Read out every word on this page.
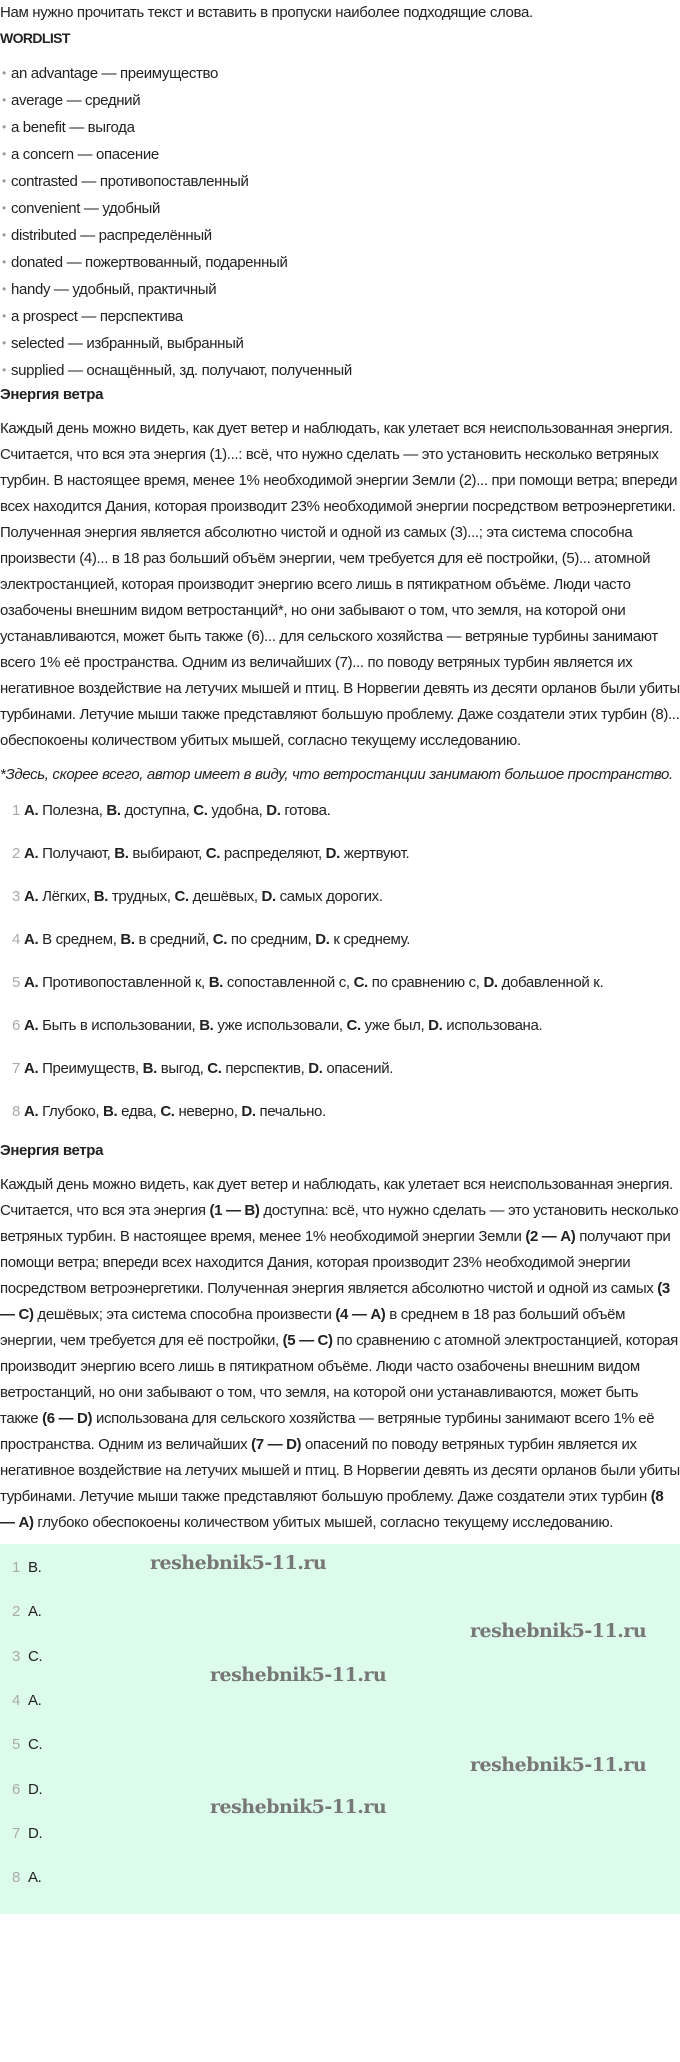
Нам нужно прочитать текст и вставить в пропуски наиболее подходящие слова.

WORDLIST
• an advantage — преимущество
• average — средний
• a benefit — выгода
• a concern — опасение
• contrasted — противопоставленный
• convenient — удобный
• distributed — распределённый
• donated — пожертвованный, подаренный
• handy — удобный, практичный
• a prospect — перспектива
• selected — избранный, выбранный
• supplied — оснащённый, зд. получают, полученный
Энергия ветра

Каждый день можно видеть, как дует ветер и наблюдать, как улетает вся неиспользованная энергия. Считается, что вся эта энергия (1)...: всё, что нужно сделать — это установить несколько ветряных турбин. В настоящее время, менее 1% необходимой энергии Земли (2)... при помощи ветра; впереди всех находится Дания, которая производит 23% необходимой энергии посредством ветроэнергетики. Полученная энергия является абсолютно чистой и одной из самых (3)...; эта система способна произвести (4)... в 18 раз больший объём энергии, чем требуется для её постройки, (5)... атомной электростанцией, которая производит энергию всего лишь в пятикратном объёме. Люди часто озабочены внешним видом ветростанций*, но они забывают о том, что земля, на которой они устанавливаются, может быть также (6)... для сельского хозяйства — ветряные турбины занимают всего 1% её пространства. Одним из величайших (7)... по поводу ветряных турбин является их негативное воздействие на летучих мышей и птиц. В Норвегии девять из десяти орланов были убиты турбинами. Летучие мыши также представляют большую проблему. Даже создатели этих турбин (8)... обеспокоены количеством убитых мышей, согласно текущему исследованию.

*Здесь, скорее всего, автор имеет в виду, что ветростанции занимают большое пространство.
1 A. Полезна, B. доступна, C. удобна, D. готова.
2 A. Получают, B. выбирают, C. распределяют, D. жертвуют.
3 A. Лёгких, B. трудных, C. дешёвых, D. самых дорогих.
4 A. В среднем, B. в средний, C. по средним, D. к среднему.
5 A. Противопоставленной к, B. сопоставленной с, C. по сравнению с, D. добавленной к.
6 A. Быть в использовании, B. уже использовали, C. уже был, D. использована.
7 A. Преимуществ, B. выгод, C. перспектив, D. опасений.
8 A. Глубоко, B. едва, C. неверно, D. печально.
Энергия ветра

Каждый день можно видеть, как дует ветер и наблюдать, как улетает вся неиспользованная энергия. Считается, что вся эта энергия (1 — B) доступна: всё, что нужно сделать — это установить несколько ветряных турбин. В настоящее время, менее 1% необходимой энергии Земли (2 — A) получают при помощи ветра; впереди всех находится Дания, которая производит 23% необходимой энергии посредством ветроэнергетики. Полученная энергия является абсолютно чистой и одной из самых (3 — C) дешёвых; эта система способна произвести (4 — A) в среднем в 18 раз больший объём энергии, чем требуется для её постройки, (5 — C) по сравнению с атомной электростанцией, которая производит энергию всего лишь в пятикратном объёме. Люди часто озабочены внешним видом ветростанций, но они забывают о том, что земля, на которой они устанавливаются, может быть также (6 — D) использована для сельского хозяйства — ветряные турбины занимают всего 1% её пространства. Одним из величайших (7 — D) опасений по поводу ветряных турбин является их негативное воздействие на летучих мышей и птиц. В Норвегии девять из десяти орланов были убиты турбинами. Летучие мыши также представляют большую проблему. Даже создатели этих турбин (8 — A) глубоко обеспокоены количеством убитых мышей, согласно текущему исследованию.

1 B.
2 A.
3 C.
4 A.
5 C.
6 D.
7 D.
8 A.
reshebnik5-11.ru
reshebnik5-11.ru
reshebnik5-11.ru
reshebnik5-11.ru
reshebnik5-11.ru
